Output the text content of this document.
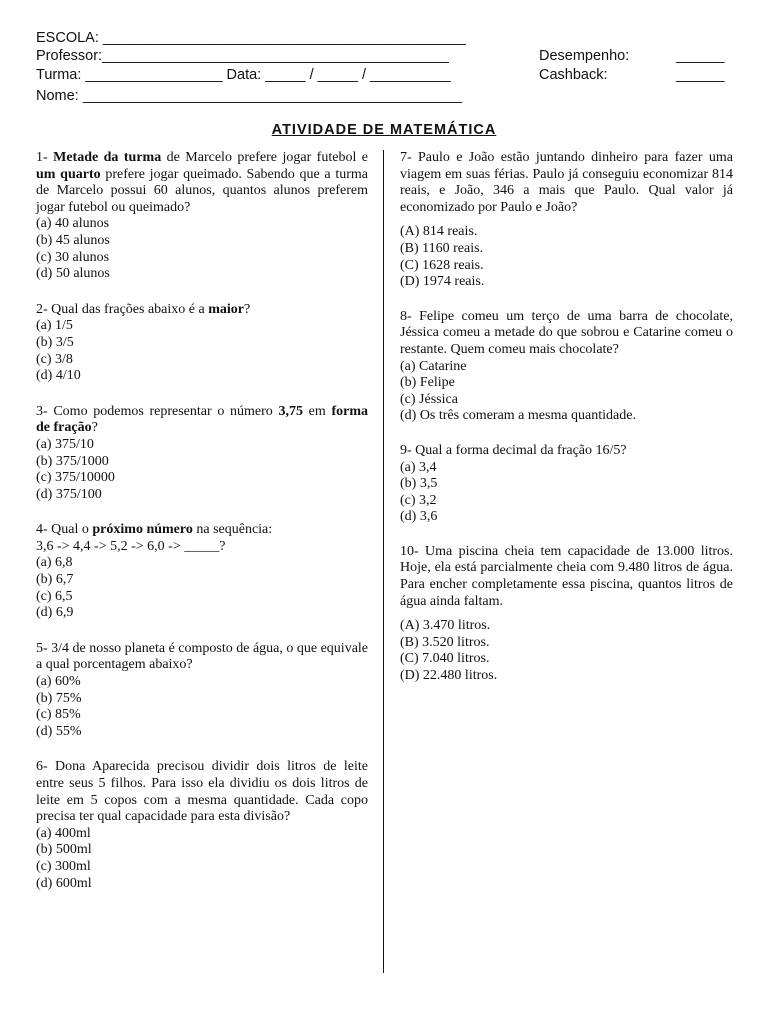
ESCOLA: _____________________________________________
Professor:___________________________________________
Turma: _________________ Data: _____ / _____ / __________
Nome: _______________________________________________
Desempenho:	______
Cashback:	______
ATIVIDADE DE MATEMÁTICA

1- Metade da turma de Marcelo prefere jogar futebol e um quarto prefere jogar queimado. Sabendo que a turma de Marcelo possui 60 alunos, quantos alunos preferem jogar futebol ou queimado?

(a) 40 alunos
(b) 45 alunos
(c) 30 alunos
(d) 50 alunos

2- Qual das frações abaixo é a maior?

(a) 1/5
(b) 3/5
(c) 3/8
(d) 4/10

3- Como podemos representar o número 3,75 em forma de fração?

(a) 375/10
(b) 375/1000
(c) 375/10000
(d) 375/100

4- Qual o próximo número na sequência:

3,6 -> 4,4 -> 5,2 -> 6,0 -> _____?

(a) 6,8
(b) 6,7
(c) 6,5
(d) 6,9

5- 3/4 de nosso planeta é composto de água, o que equivale a qual porcentagem abaixo?

(a) 60%
(b) 75%
(c) 85%
(d) 55%

6- Dona Aparecida precisou dividir dois litros de leite entre seus 5 filhos. Para isso ela dividiu os dois litros de leite em 5 copos com a mesma quantidade. Cada copo precisa ter qual capacidade para esta divisão?

(a) 400ml
(b) 500ml
(c) 300ml
(d) 600ml

7- Paulo e João estão juntando dinheiro para fazer uma viagem em suas férias. Paulo já conseguiu economizar 814 reais, e João, 346 a mais que Paulo. Qual valor já economizado por Paulo e João?

(A) 814 reais.
(B) 1160 reais.
(C) 1628 reais.
(D) 1974 reais.

8- Felipe comeu um terço de uma barra de chocolate, Jéssica comeu a metade do que sobrou e Catarine comeu o restante. Quem comeu mais chocolate?

(a) Catarine
(b) Felipe
(c) Jéssica
(d) Os três comeram a mesma quantidade.

9- Qual a forma decimal da fração 16/5?

(a) 3,4
(b) 3,5
(c) 3,2
(d) 3,6

10- Uma piscina cheia tem capacidade de 13.000 litros. Hoje, ela está parcialmente cheia com 9.480 litros de água. Para encher completamente essa piscina, quantos litros de água ainda faltam.

(A) 3.470 litros.
(B) 3.520 litros.
(C) 7.040 litros.
(D) 22.480 litros.
